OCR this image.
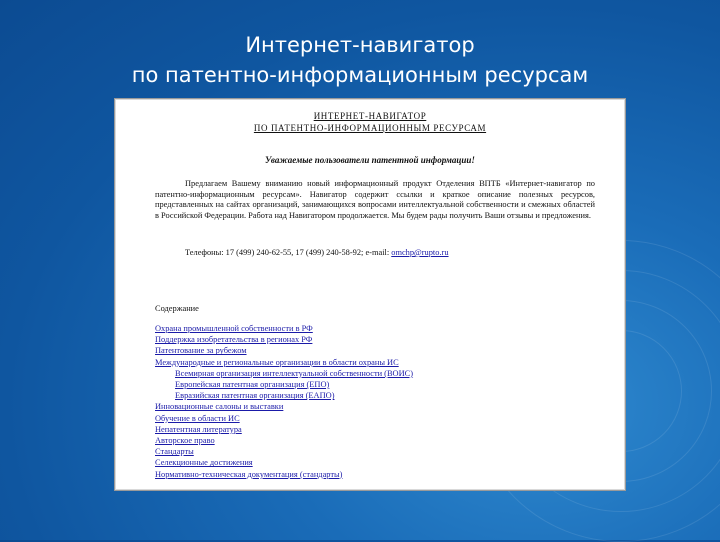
Интернет-навигатор
по патентно-информационным ресурсам
ИНТЕРНЕТ-НАВИГАТОР
ПО ПАТЕНТНО-ИНФОРМАЦИОННЫМ РЕСУРСАМ
Уважаемые пользователи патентной информации!
Предлагаем Вашему вниманию новый информационный продукт Отделения ВПТБ «Интернет-навигатор по патентно-информационным ресурсам». Навигатор содержит ссылки и краткое описание полезных ресурсов, представленных на сайтах организаций, занимающихся вопросами интеллектуальной собственности и смежных областей в Российской Федерации. Работа над Навигатором продолжается. Мы будем рады получить Ваши отзывы и предложения.
Телефоны: 17 (499) 240-62-55, 17 (499) 240-58-92; e-mail: omchp@rupto.ru
Содержание
Охрана промышленной собственности в РФ
Поддержка изобретательства в регионах РФ
Патентование за рубежом
Международные и региональные организации в области охраны ИС
Всемирная организация интеллектуальной собственности (ВОИС)
Европейская патентная организация (ЕПО)
Евразийская патентная организация (ЕАПО)
Инновационные салоны и выставки
Обучение в области ИС
Непатентная литература
Авторское право
Стандарты
Селекционные достижения
Нормативно-техническая документация (стандарты)
